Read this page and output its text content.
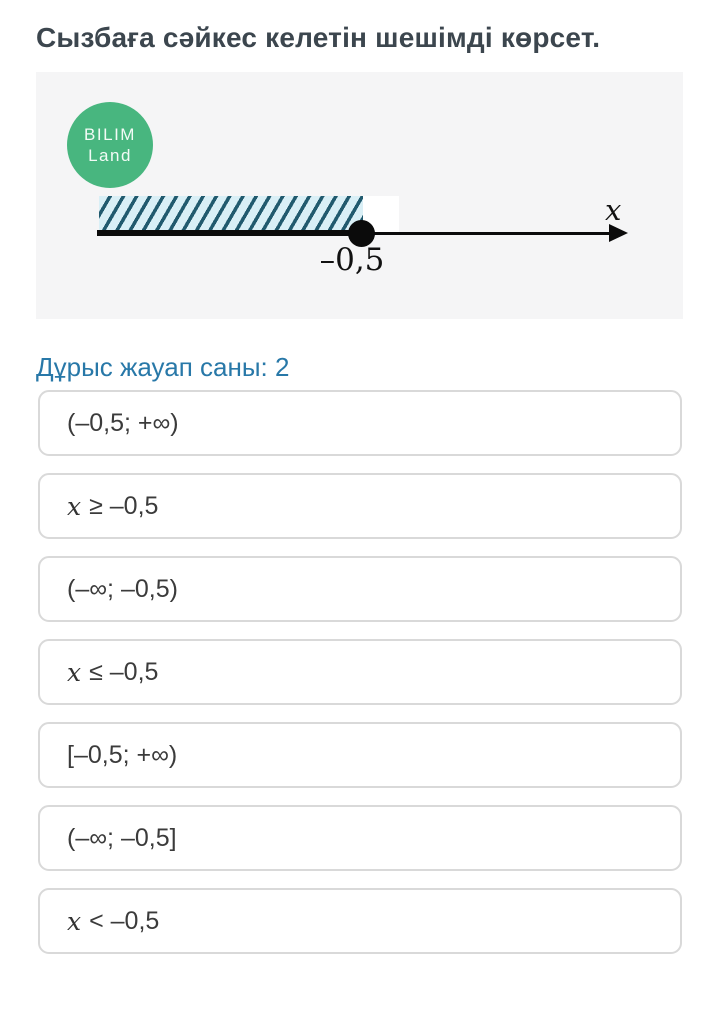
Сызбаға сәйкес келетін шешімді көрсет.
BILIM
Land
–0,5
x
Дұрыс жауап саны: 2
(–0,5; +∞)
x ≥ –0,5
(–∞; –0,5)
x ≤ –0,5
[–0,5; +∞)
(–∞; –0,5]
x < –0,5
